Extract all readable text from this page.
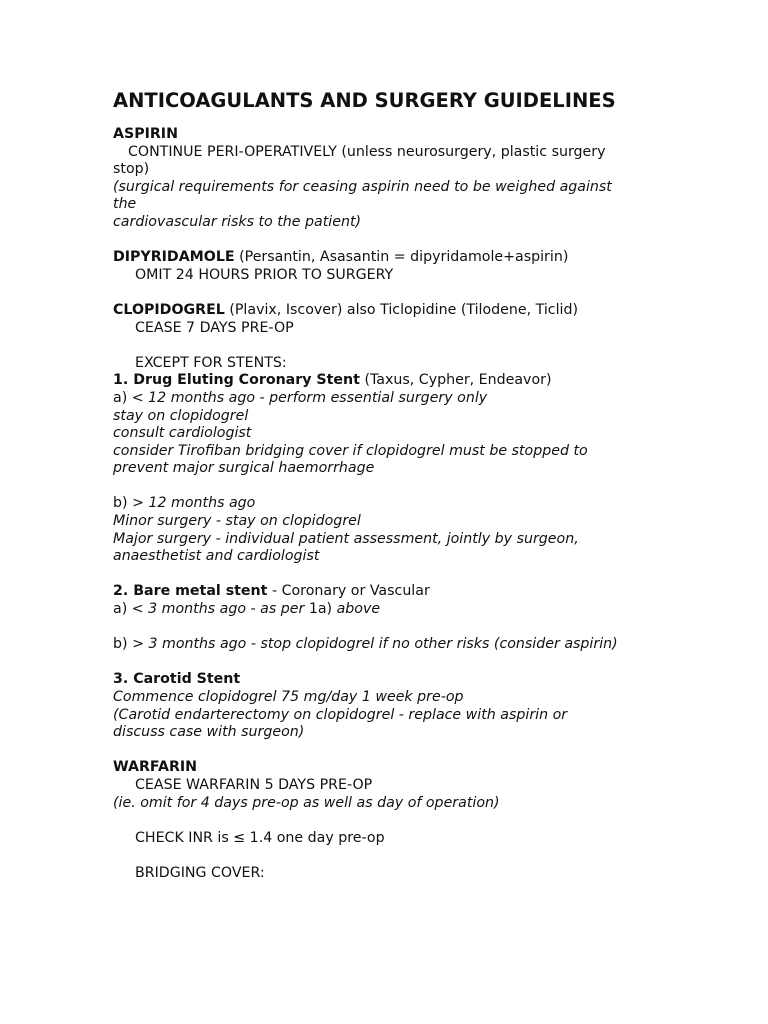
ANTICOAGULANTS AND SURGERY GUIDELINES
ASPIRIN
CONTINUE PERI-OPERATIVELY (unless neurosurgery, plastic surgery
stop)
(surgical requirements for ceasing aspirin need to be weighed against
the
cardiovascular risks to the patient)
DIPYRIDAMOLE (Persantin, Asasantin = dipyridamole+aspirin)
OMIT 24 HOURS PRIOR TO SURGERY
CLOPIDOGREL (Plavix, Iscover) also Ticlopidine (Tilodene, Ticlid)
CEASE 7 DAYS PRE-OP
EXCEPT FOR STENTS:
1. Drug Eluting Coronary Stent (Taxus, Cypher, Endeavor)
a) < 12 months ago - perform essential surgery only
stay on clopidogrel
consult cardiologist
consider Tirofiban bridging cover if clopidogrel must be stopped to
prevent major surgical haemorrhage
b) > 12 months ago
Minor surgery - stay on clopidogrel
Major surgery - individual patient assessment, jointly by surgeon,
anaesthetist and cardiologist
2. Bare metal stent - Coronary or Vascular
a) < 3 months ago - as per 1a) above
b) > 3 months ago - stop clopidogrel if no other risks (consider aspirin)
3. Carotid Stent
Commence clopidogrel 75 mg/day 1 week pre-op
(Carotid endarterectomy on clopidogrel - replace with aspirin or
discuss case with surgeon)
WARFARIN
CEASE WARFARIN 5 DAYS PRE-OP
(ie. omit for 4 days pre-op as well as day of operation)
CHECK INR is ≤ 1.4 one day pre-op
BRIDGING COVER:
